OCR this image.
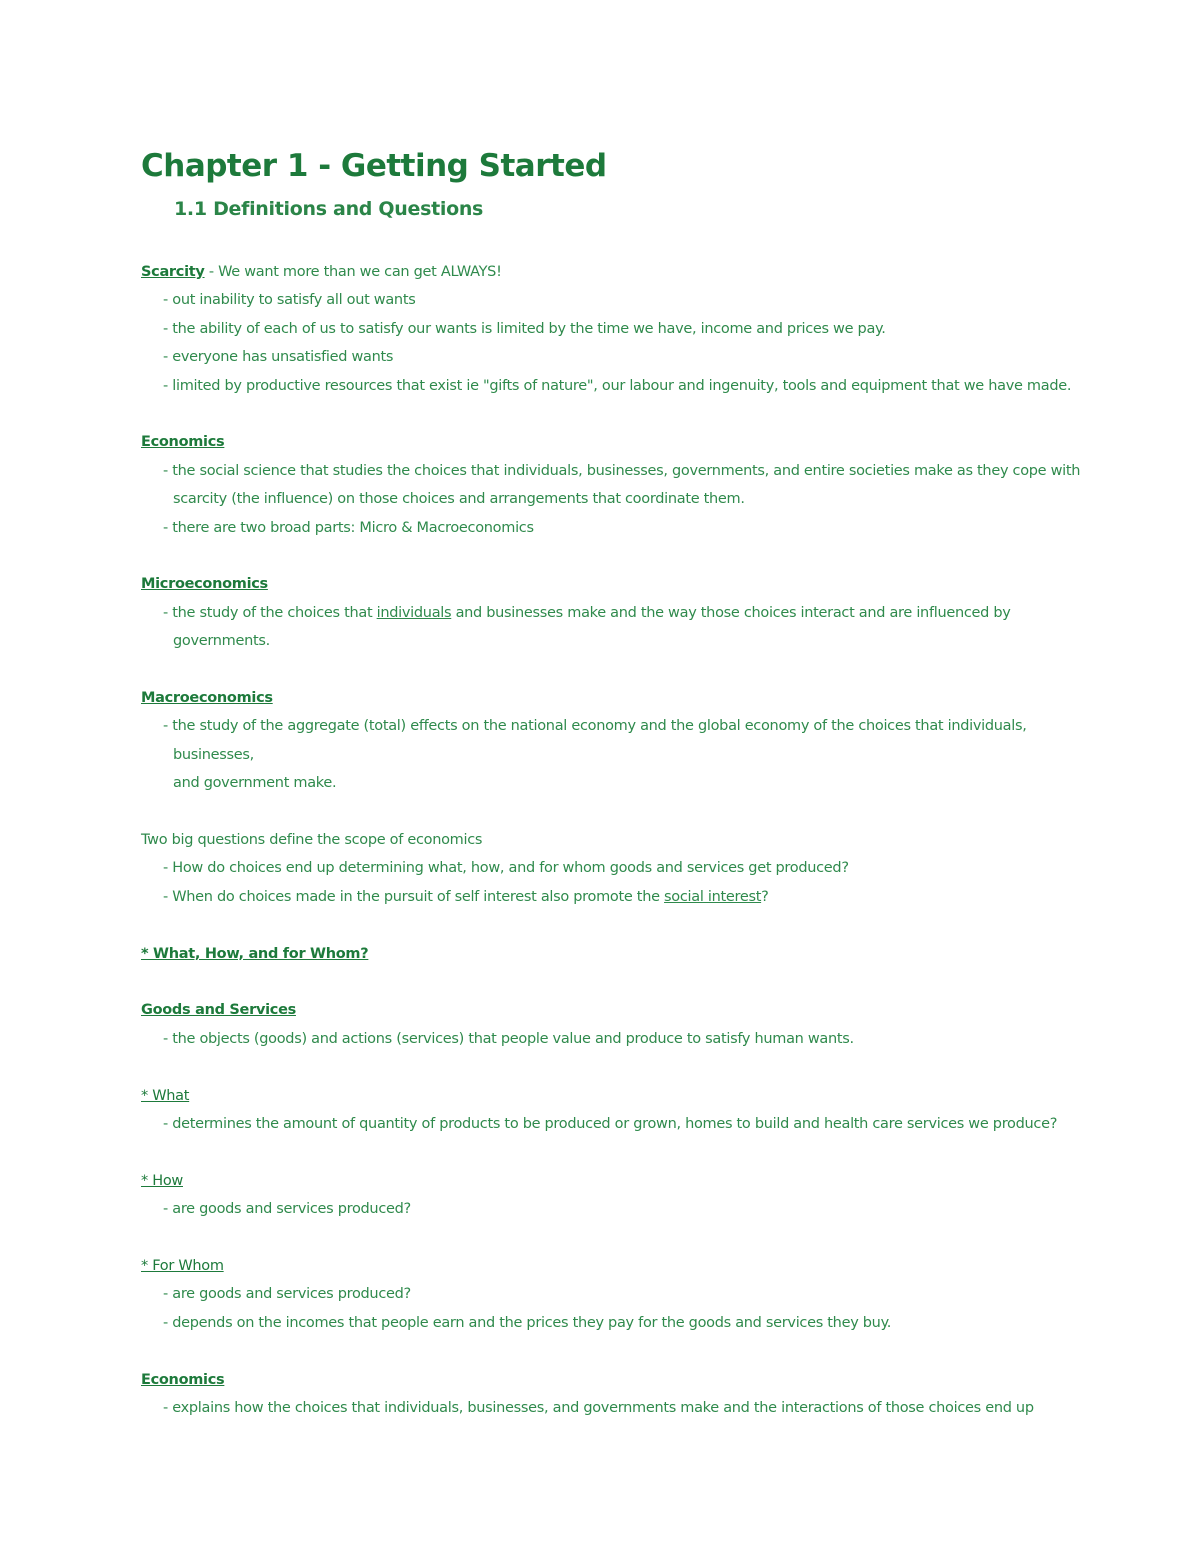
Chapter 1 - Getting Started
1.1 Definitions and Questions

Scarcity - We want more than we can get ALWAYS!

- out inability to satisfy all out wants

- the ability of each of us to satisfy our wants is limited by the time we have, income and prices we pay.

- everyone has unsatisfied wants

- limited by productive resources that exist ie "gifts of nature", our labour and ingenuity, tools and equipment that we have made.

Economics

- the social science that studies the choices that individuals, businesses, governments, and entire societies make as they cope with

scarcity (the influence) on those choices and arrangements that coordinate them.

- there are two broad parts: Micro & Macroeconomics

Microeconomics

- the study of the choices that individuals and businesses make and the way those choices interact and are influenced by

governments.

Macroeconomics

- the study of the aggregate (total) effects on the national economy and the global economy of the choices that individuals, businesses,

and government make.

Two big questions define the scope of economics

- How do choices end up determining what, how, and for whom goods and services get produced?

- When do choices made in the pursuit of self interest also promote the social interest?

* What, How, and for Whom?

Goods and Services

- the objects (goods) and actions (services) that people value and produce to satisfy human wants.

* What

- determines the amount of quantity of products to be produced or grown, homes to build and health care services we produce?

* How

- are goods and services produced?

* For Whom

- are goods and services produced?

- depends on the incomes that people earn and the prices they pay for the goods and services they buy.

Economics

- explains how the choices that individuals, businesses, and governments make and the interactions of those choices end up
